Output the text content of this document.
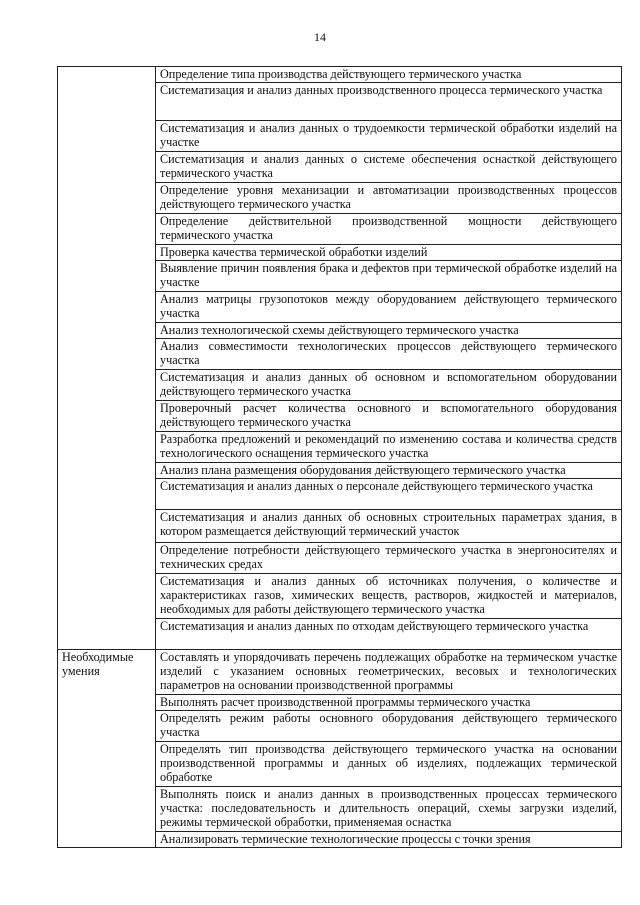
14
	Определение типа производства действующего термического участка
	Систематизация и анализ данных производственного процесса термического участка
	Систематизация и анализ данных о трудоемкости термической обработки изделий на участке
	Систематизация и анализ данных о системе обеспечения оснасткой действующего термического участка
	Определение уровня механизации и автоматизации производственных процессов действующего термического участка
	Определение действительной производственной мощности действующего термического участка
	Проверка качества термической обработки изделий
	Выявление причин появления брака и дефектов при термической обработке изделий на участке
	Анализ матрицы грузопотоков между оборудованием действующего термического участка
	Анализ технологической схемы действующего термического участка
	Анализ совместимости технологических процессов действующего термического участка
	Систематизация и анализ данных об основном и вспомогательном оборудовании действующего термического участка
	Проверочный расчет количества основного и вспомогательного оборудования действующего термического участка
	Разработка предложений и рекомендаций по изменению состава и количества средств технологического оснащения термического участка
	Анализ плана размещения оборудования действующего термического участка
	Систематизация и анализ данных о персонале действующего термического участка
	Систематизация и анализ данных об основных строительных параметрах здания, в котором размещается действующий термический участок
	Определение потребности действующего термического участка в энергоносителях и технических средах
	Систематизация и анализ данных об источниках получения, о количестве и характеристиках газов, химических веществ, растворов, жидкостей и материалов, необходимых для работы действующего термического участка
	Систематизация и анализ данных по отходам действующего термического участка
Необходимые умения	Составлять и упорядочивать перечень подлежащих обработке на термическом участке изделий с указанием основных геометрических, весовых и технологических параметров на основании производственной программы
	Выполнять расчет производственной программы термического участка
	Определять режим работы основного оборудования действующего термического участка
	Определять тип производства действующего термического участка на основании производственной программы и данных об изделиях, подлежащих термической обработке
	Выполнять поиск и анализ данных в производственных процессах термического участка: последовательность и длительность операций, схемы загрузки изделий, режимы термической обработки, применяемая оснастка
	Анализировать термические технологические процессы с точки зрения
